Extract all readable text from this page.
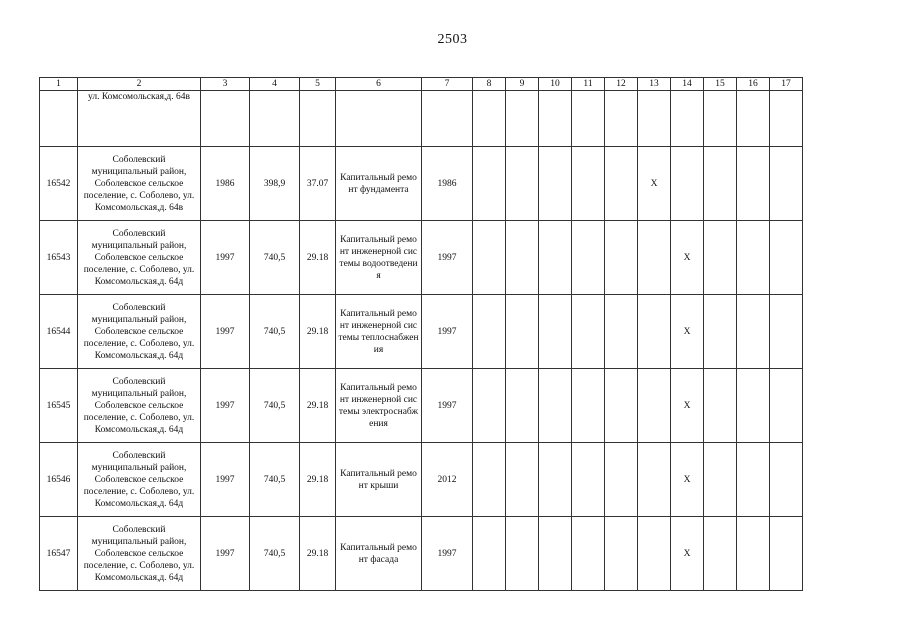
2503
1	2	3	4	5	6	7	8	9	10	11	12	13	14	15	16	17

	ул. Комсомольская,д. 64в															

16542	Соболевский муниципальный район, Соболевское сельское поселение, с. Соболево, ул. Комсомольская,д. 64в	1986	398,9	37.07	Капитальный ремонт фундамента	1986						X				
16543	Соболевский муниципальный район, Соболевское сельское поселение, с. Соболево, ул. Комсомольская,д. 64д	1997	740,5	29.18	Капитальный ремонт инженерной системы водоотведения	1997							X			
16544	Соболевский муниципальный район, Соболевское сельское поселение, с. Соболево, ул. Комсомольская,д. 64д	1997	740,5	29.18	Капитальный ремонт инженерной системы теплоснабжения	1997							X			
16545	Соболевский муниципальный район, Соболевское сельское поселение, с. Соболево, ул. Комсомольская,д. 64д	1997	740,5	29.18	Капитальный ремонт инженерной системы электроснабжения	1997							X			
16546	Соболевский муниципальный район, Соболевское сельское поселение, с. Соболево, ул. Комсомольская,д. 64д	1997	740,5	29.18	Капитальный ремонт крыши	2012							X			
16547	Соболевский муниципальный район, Соболевское сельское поселение, с. Соболево, ул. Комсомольская,д. 64д	1997	740,5	29.18	Капитальный ремонт фасада	1997							X			
